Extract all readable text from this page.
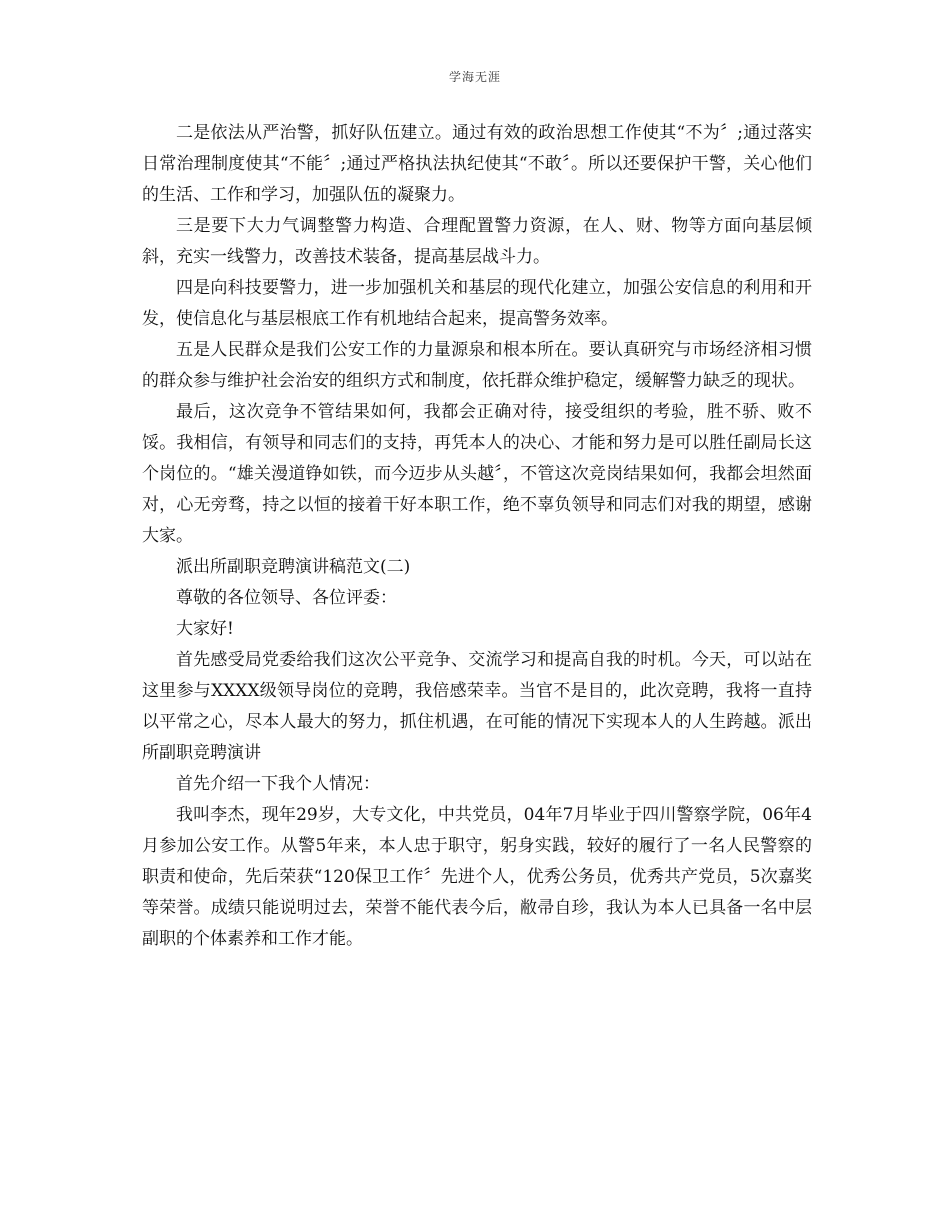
学海无涯

二是依法从严治警，抓好队伍建立。通过有效的政治思想工作使其“不为〞;通过落实日常治理制度使其“不能〞;通过严格执法执纪使其“不敢〞。所以还要保护干警，关心他们的生活、工作和学习，加强队伍的凝聚力。

三是要下大力气调整警力构造、合理配置警力资源，在人、财、物等方面向基层倾斜，充实一线警力，改善技术装备，提高基层战斗力。

四是向科技要警力，进一步加强机关和基层的现代化建立，加强公安信息的利用和开发，使信息化与基层根底工作有机地结合起来，提高警务效率。

五是人民群众是我们公安工作的力量源泉和根本所在。要认真研究与市场经济相习惯的群众参与维护社会治安的组织方式和制度，依托群众维护稳定，缓解警力缺乏的现状。

最后，这次竞争不管结果如何，我都会正确对待，接受组织的考验，胜不骄、败不馁。我相信，有领导和同志们的支持，再凭本人的决心、才能和努力是可以胜任副局长这个岗位的。“雄关漫道铮如铁，而今迈步从头越〞，不管这次竞岗结果如何，我都会坦然面对，心无旁骛，持之以恒的接着干好本职工作，绝不辜负领导和同志们对我的期望，感谢大家。

派出所副职竞聘演讲稿范文(二)

尊敬的各位领导、各位评委：

大家好!

首先感受局党委给我们这次公平竞争、交流学习和提高自我的时机。今天，可以站在这里参与XXXX级领导岗位的竞聘，我倍感荣幸。当官不是目的，此次竞聘，我将一直持以平常之心，尽本人最大的努力，抓住机遇，在可能的情况下实现本人的人生跨越。派出所副职竞聘演讲

首先介绍一下我个人情况：

我叫李杰，现年29岁，大专文化，中共党员，04年7月毕业于四川警察学院，06年4月参加公安工作。从警5年来，本人忠于职守，躬身实践，较好的履行了一名人民警察的职责和使命，先后荣获“120保卫工作〞先进个人，优秀公务员，优秀共产党员，5次嘉奖等荣誉。成绩只能说明过去，荣誉不能代表今后，敝帚自珍，我认为本人已具备一名中层副职的个体素养和工作才能。
